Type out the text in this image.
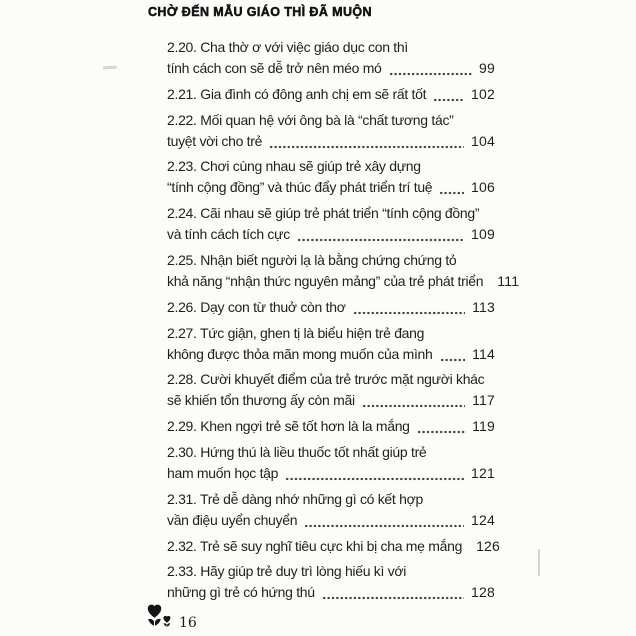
CHỜ ĐẾN MẪU GIÁO THÌ ĐÃ MUỘN
2.20. Cha thờ ơ với việc giáo dục con thì
tính cách con sẽ dễ trở nên méo mó	99
2.21. Gia đình có đông anh chị em sẽ rất tốt	102
2.22. Mối quan hệ với ông bà là “chất tương tác”
tuyệt vời cho trẻ	104
2.23. Chơi cùng nhau sẽ giúp trẻ xây dựng
“tính cộng đồng” và thúc đẩy phát triển trí tuệ	106
2.24. Cãi nhau sẽ giúp trẻ phát triển “tính cộng đồng”
và tính cách tích cực	109
2.25. Nhận biết người lạ là bằng chứng chứng tỏ
khả năng “nhận thức nguyên mảng” của trẻ phát triển 111
2.26. Dạy con từ thuở còn thơ	113
2.27. Tức giận, ghen tị là biểu hiện trẻ đang
không được thỏa mãn mong muốn của mình	114
2.28. Cười khuyết điểm của trẻ trước mặt người khác
sẽ khiến tổn thương ấy còn mãi	117
2.29. Khen ngợi trẻ sẽ tốt hơn là la mắng	119
2.30. Hứng thú là liều thuốc tốt nhất giúp trẻ
ham muốn học tập	121
2.31. Trẻ dễ dàng nhớ những gì có kết hợp
vần điệu uyển chuyển	124
2.32. Trẻ sẽ suy nghĩ tiêu cực khi bị cha mẹ mắng 126
2.33. Hãy giúp trẻ duy trì lòng hiếu kì với
những gì trẻ có hứng thú	128
16
